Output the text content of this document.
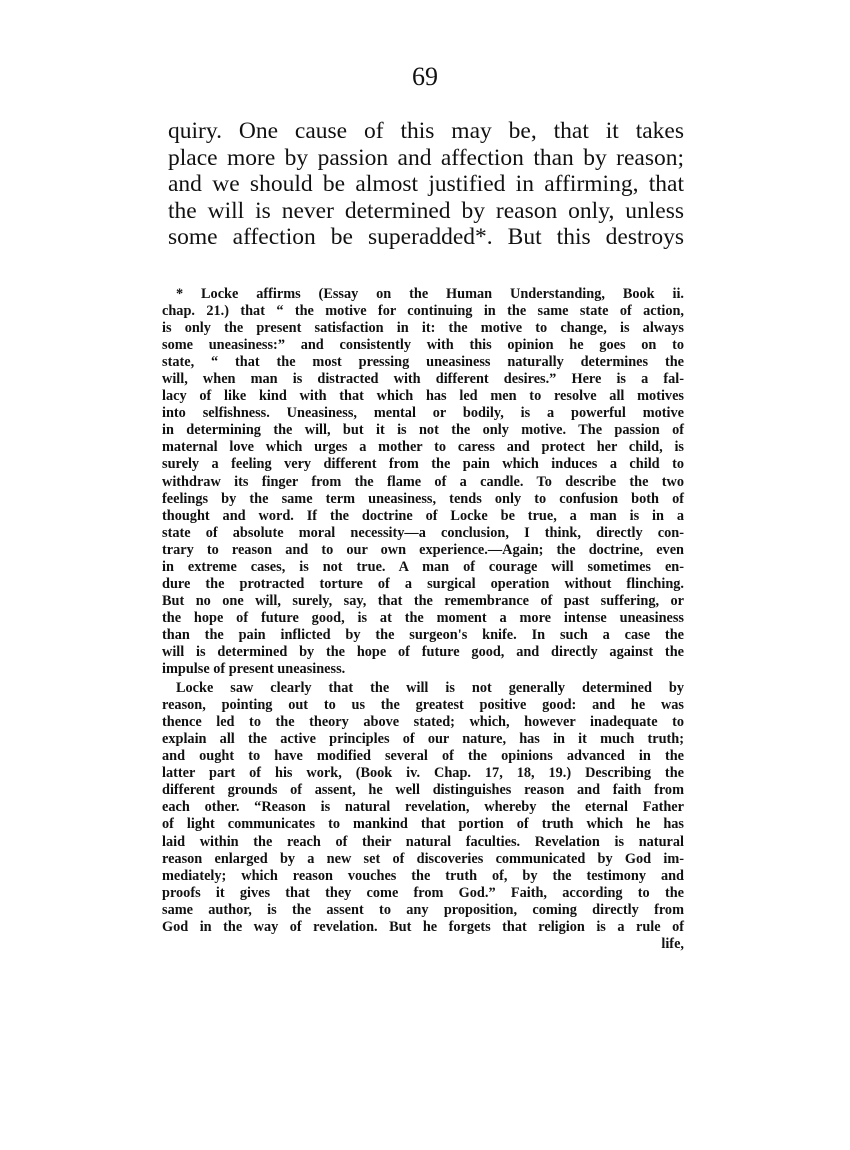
69
quiry. One cause of this may be, that it takes
place more by passion and affection than by reason;
and we should be almost justified in affirming, that
the will is never determined by reason only, unless
some affection be superadded*. But this destroys
* Locke affirms (Essay on the Human Understanding, Book ii.
chap. 21.) that “ the motive for continuing in the same state of action,
is only the present satisfaction in it: the motive to change, is always
some uneasiness:” and consistently with this opinion he goes on to
state, “ that the most pressing uneasiness naturally determines the
will, when man is distracted with different desires.” Here is a fal-
lacy of like kind with that which has led men to resolve all motives
into selfishness. Uneasiness, mental or bodily, is a powerful motive
in determining the will, but it is not the only motive. The passion of
maternal love which urges a mother to caress and protect her child, is
surely a feeling very different from the pain which induces a child to
withdraw its finger from the flame of a candle. To describe the two
feelings by the same term uneasiness, tends only to confusion both of
thought and word. If the doctrine of Locke be true, a man is in a
state of absolute moral necessity—a conclusion, I think, directly con-
trary to reason and to our own experience.—Again; the doctrine, even
in extreme cases, is not true. A man of courage will sometimes en-
dure the protracted torture of a surgical operation without flinching.
But no one will, surely, say, that the remembrance of past suffering, or
the hope of future good, is at the moment a more intense uneasiness
than the pain inflicted by the surgeon's knife. In such a case the
will is determined by the hope of future good, and directly against the
impulse of present uneasiness.
Locke saw clearly that the will is not generally determined by
reason, pointing out to us the greatest positive good: and he was
thence led to the theory above stated; which, however inadequate to
explain all the active principles of our nature, has in it much truth;
and ought to have modified several of the opinions advanced in the
latter part of his work, (Book iv. Chap. 17, 18, 19.) Describing the
different grounds of assent, he well distinguishes reason and faith from
each other. “Reason is natural revelation, whereby the eternal Father
of light communicates to mankind that portion of truth which he has
laid within the reach of their natural faculties. Revelation is natural
reason enlarged by a new set of discoveries communicated by God im-
mediately; which reason vouches the truth of, by the testimony and
proofs it gives that they come from God.” Faith, according to the
same author, is the assent to any proposition, coming directly from
God in the way of revelation. But he forgets that religion is a rule of
life,
